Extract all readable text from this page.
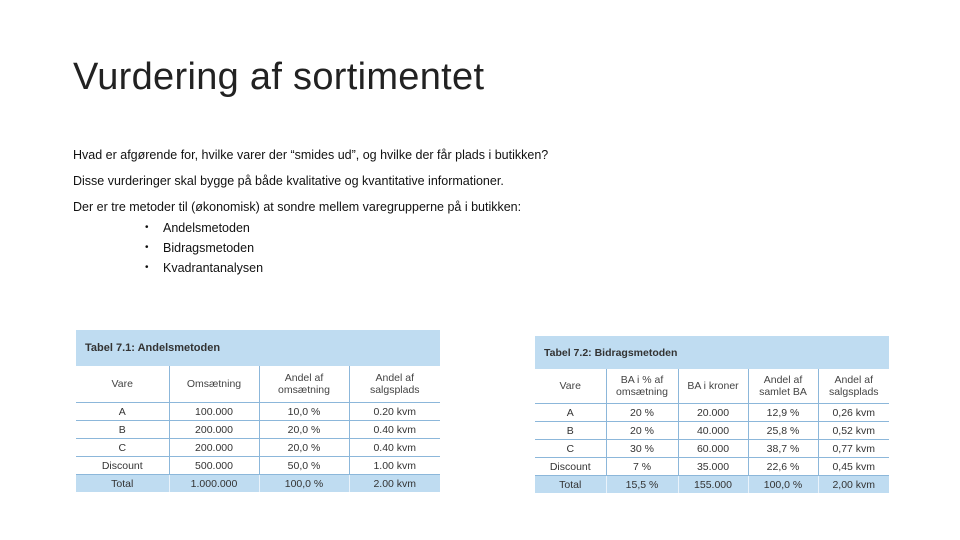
Vurdering af sortimentet

Hvad er afgørende for, hvilke varer der “smides ud”, og hvilke der får plads i butikken?

Disse vurderinger skal bygge på både kvalitative og kvantitative informationer.

Der er tre metoder til (økonomisk) at sondre mellem varegrupperne på i butikken:

• Andelsmetoden
• Bidragsmetoden
• Kvadrantanalysen
Tabel 7.1: Andelsmetoden			
Vare	Omsætning	Andel af omsætning	Andel af salgsplads
A	100.000	10,0 %	0.20 kvm
B	200.000	20,0 %	0.40 kvm
C	200.000	20,0 %	0.40 kvm
Discount	500.000	50,0 %	1.00 kvm
Total	1.000.000	100,0 %	2.00 kvm
Tabel 7.2: Bidragsmetoden				
Vare	BA i % af omsætning	BA i kroner	Andel af samlet BA	Andel af salgsplads
A	20 %	20.000	12,9 %	0,26 kvm
B	20 %	40.000	25,8 %	0,52 kvm
C	30 %	60.000	38,7 %	0,77 kvm
Discount	7 %	35.000	22,6 %	0,45 kvm
Total	15,5 %	155.000	100,0 %	2,00 kvm
